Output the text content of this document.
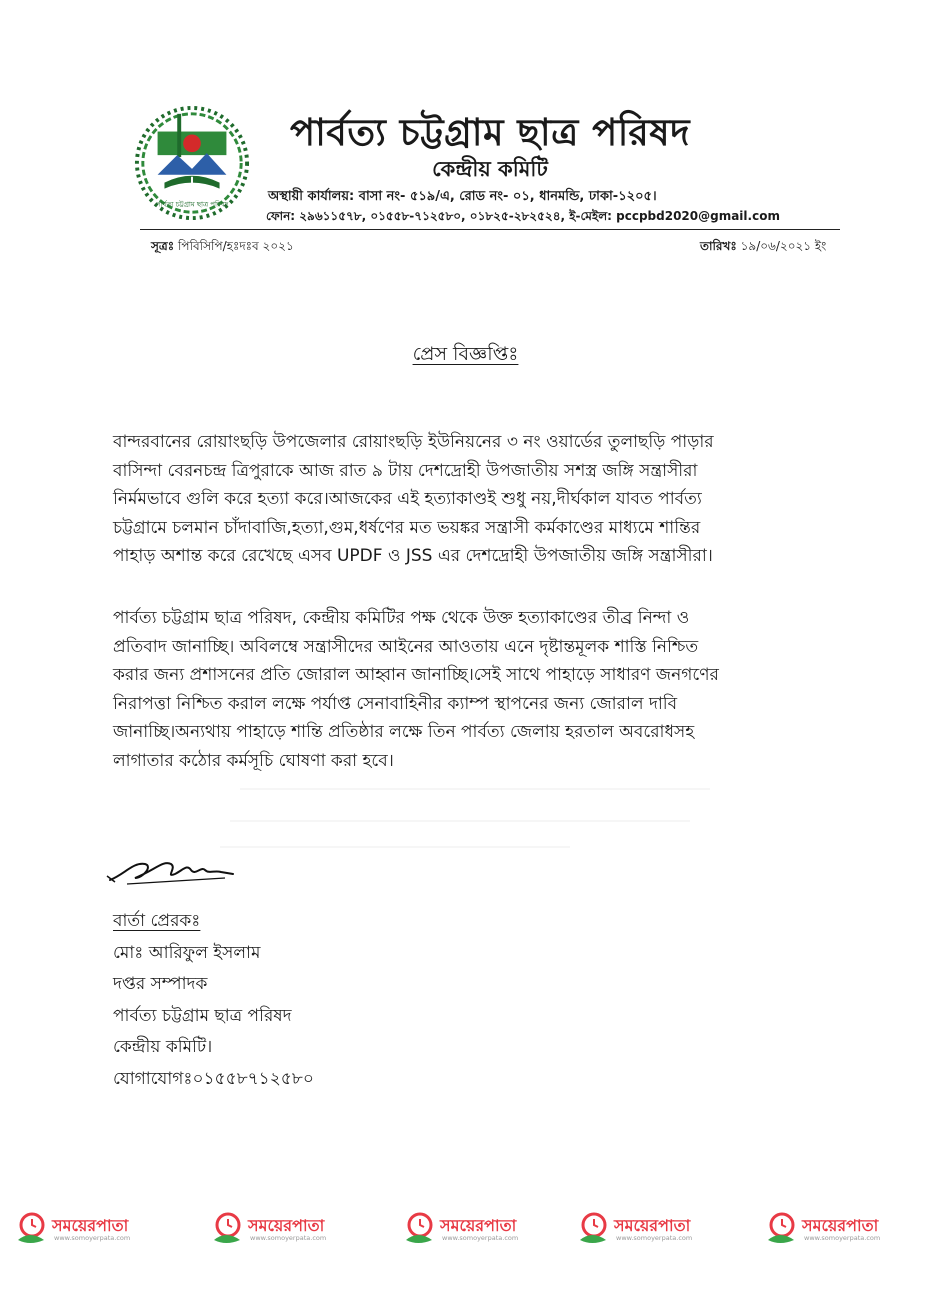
পার্বত্য চট্টগ্রাম ছাত্র পরিষদ
পার্বত্য চট্টগ্রাম ছাত্র পরিষদ
কেন্দ্রীয় কমিটি
অস্থায়ী কার্যালয়: বাসা নং- ৫১৯/এ, রোড নং- ০১, ধানমন্ডি, ঢাকা-১২০৫।
ফোন: ২৯৬১১৫৭৮, ০১৫৫৮-৭১২৫৮০, ০১৮২৫-২৮২৫২৪, ই-মেইল: pccpbd2020@gmail.com
সূত্রঃ পিবিসিপি/হঃদঃব ২০২১	তারিখঃ ১৯/০৬/২০২১ ইং
প্রেস বিজ্ঞপ্তিঃ
বান্দরবানের রোয়াংছড়ি উপজেলার রোয়াংছড়ি ইউনিয়নের ৩ নং ওয়ার্ডের তুলাছড়ি পাড়ার
বাসিন্দা বেরনচন্দ্র ত্রিপুরাকে আজ রাত ৯ টায় দেশদ্রোহী উপজাতীয় সশস্ত্র জঙ্গি সন্ত্রাসীরা
নির্মমভাবে গুলি করে হত্যা করে।আজকের এই হত্যাকাণ্ডই শুধু নয়,দীর্ঘকাল যাবত পার্বত্য
চট্টগ্রামে চলমান চাঁদাবাজি,হত্যা,গুম,ধর্ষণের মত ভয়ঙ্কর সন্ত্রাসী কর্মকাণ্ডের মাধ্যমে শান্তির
পাহাড় অশান্ত করে রেখেছে এসব UPDF ও JSS এর দেশদ্রোহী উপজাতীয় জঙ্গি সন্ত্রাসীরা।
পার্বত্য চট্টগ্রাম ছাত্র পরিষদ, কেন্দ্রীয় কমিটির পক্ষ থেকে উক্ত হত্যাকাণ্ডের তীব্র নিন্দা ও
প্রতিবাদ জানাচ্ছি। অবিলম্বে সন্ত্রাসীদের আইনের আওতায় এনে দৃষ্টান্তমূলক শাস্তি নিশ্চিত
করার জন্য প্রশাসনের প্রতি জোরাল আহ্বান জানাচ্ছি।সেই সাথে পাহাড়ে সাধারণ জনগণের
নিরাপত্তা নিশ্চিত করাল লক্ষে পর্যাপ্ত সেনাবাহিনীর ক্যাম্প স্থাপনের জন্য জোরাল দাবি
জানাচ্ছি।অন্যথায় পাহাড়ে শান্তি প্রতিষ্ঠার লক্ষে তিন পার্বত্য জেলায় হরতাল অবরোধসহ
লাগাতার কঠোর কর্মসূচি ঘোষণা করা হবে।
বার্তা প্রেরকঃ
মোঃ আরিফুল ইসলাম
দপ্তর সম্পাদক
পার্বত্য চট্টগ্রাম ছাত্র পরিষদ
কেন্দ্রীয় কমিটি।
যোগাযোগঃ০১৫৫৮৭১২৫৮০
সময়েরপাতা
www.somoyerpata.com
সময়েরপাতা
www.somoyerpata.com
সময়েরপাতা
www.somoyerpata.com
সময়েরপাতা
www.somoyerpata.com
সময়েরপাতা
www.somoyerpata.com
